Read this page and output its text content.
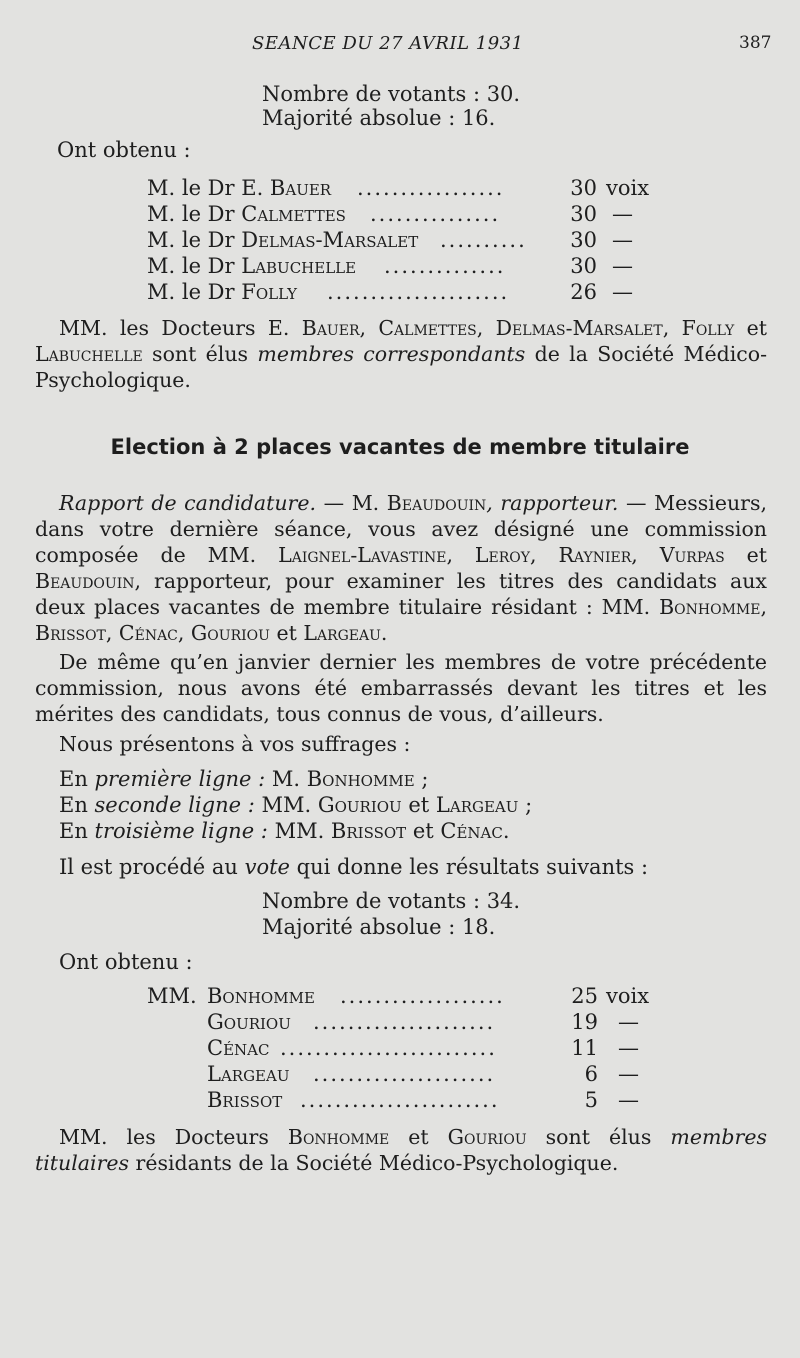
SEANCE DU 27 AVRIL 1931	387
Nombre de votants : 30.
Majorité absolue : 16.
Ont obtenu :
M. le Dr E. Bauer .................	30 voix
M. le Dr Calmettes ...............	30 —
M. le Dr Delmas-Marsalet ..........	30 —
M. le Dr Labuchelle ..............	30 —
M. le Dr Folly .....................	26 —

MM. les Docteurs E. Bauer, Calmettes, Delmas-Marsalet, Folly et Labuchelle sont élus membres correspondants de la Société Médico-Psychologique.

Election à 2 places vacantes de membre titulaire

Rapport de candidature. — M. Beaudouin, rapporteur. — Messieurs, dans votre dernière séance, vous avez désigné une commission composée de MM. Laignel-Lavastine, Leroy, Raynier, Vurpas et Beaudouin, rapporteur, pour examiner les titres des candidats aux deux places vacantes de membre titulaire résidant : MM. Bonhomme, Brissot, Cénac, Gouriou et Largeau.

De même qu’en janvier dernier les membres de votre précédente commission, nous avons été embarrassés devant les titres et les mérites des candidats, tous connus de vous, d’ailleurs.

Nous présentons à vos suffrages :

En première ligne : M. Bonhomme ;
En seconde ligne : MM. Gouriou et Largeau ;
En troisième ligne : MM. Brissot et Cénac.
Il est procédé au vote qui donne les résultats suivants :
Nombre de votants : 34.
Majorité absolue : 18.
Ont obtenu :
MM. Bonhomme ...................	25 voix
Gouriou .....................	19 —
Cénac .........................	11 —
Largeau .....................	6 —
Brissot .......................	5 —

MM. les Docteurs Bonhomme et Gouriou sont élus membres titulaires résidants de la Société Médico-Psychologique.
